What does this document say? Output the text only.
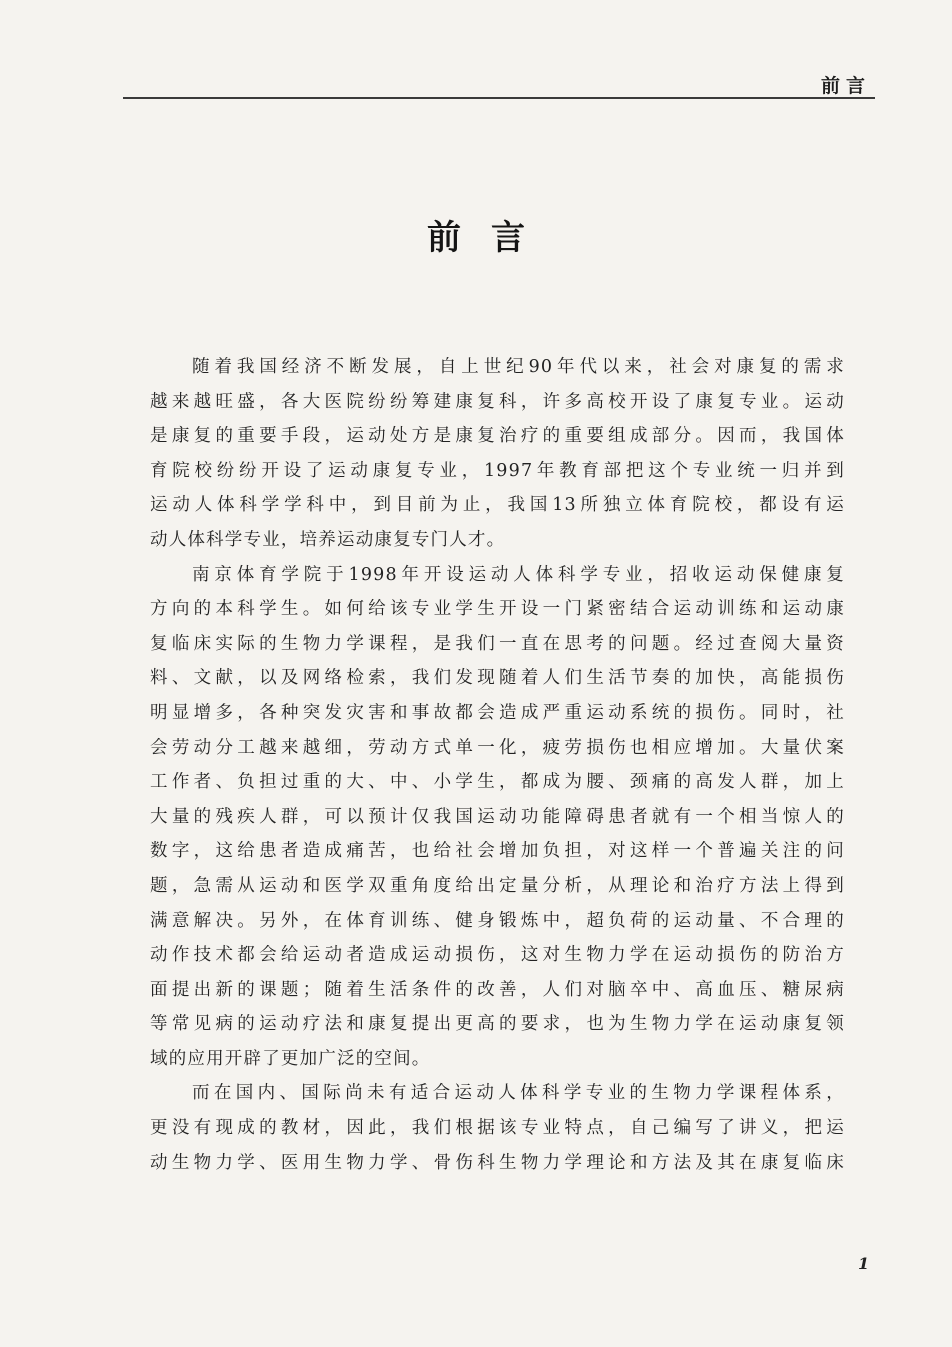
前言
前言

随着我国经济不断发展，自上世纪90年代以来，社会对康复的需求
越来越旺盛，各大医院纷纷筹建康复科，许多高校开设了康复专业。运动
是康复的重要手段，运动处方是康复治疗的重要组成部分。因而，我国体
育院校纷纷开设了运动康复专业，1997年教育部把这个专业统一归并到
运动人体科学学科中，到目前为止，我国13所独立体育院校，都设有运
动人体科学专业，培养运动康复专门人才。

南京体育学院于1998年开设运动人体科学专业，招收运动保健康复
方向的本科学生。如何给该专业学生开设一门紧密结合运动训练和运动康
复临床实际的生物力学课程，是我们一直在思考的问题。经过查阅大量资
料、文献，以及网络检索，我们发现随着人们生活节奏的加快，高能损伤
明显增多，各种突发灾害和事故都会造成严重运动系统的损伤。同时，社
会劳动分工越来越细，劳动方式单一化，疲劳损伤也相应增加。大量伏案
工作者、负担过重的大、中、小学生，都成为腰、颈痛的高发人群，加上
大量的残疾人群，可以预计仅我国运动功能障碍患者就有一个相当惊人的
数字，这给患者造成痛苦，也给社会增加负担，对这样一个普遍关注的问
题，急需从运动和医学双重角度给出定量分析，从理论和治疗方法上得到
满意解决。另外，在体育训练、健身锻炼中，超负荷的运动量、不合理的
动作技术都会给运动者造成运动损伤，这对生物力学在运动损伤的防治方
面提出新的课题；随着生活条件的改善，人们对脑卒中、高血压、糖尿病
等常见病的运动疗法和康复提出更高的要求，也为生物力学在运动康复领
域的应用开辟了更加广泛的空间。

而在国内、国际尚未有适合运动人体科学专业的生物力学课程体系，
更没有现成的教材，因此，我们根据该专业特点，自己编写了讲义，把运
动生物力学、医用生物力学、骨伤科生物力学理论和方法及其在康复临床

1
